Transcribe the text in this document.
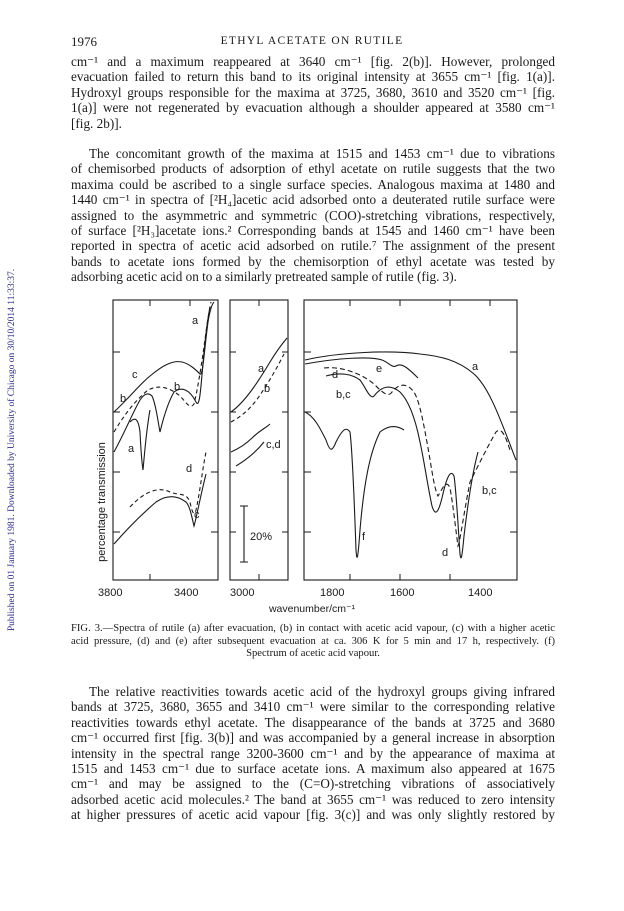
Published on 01 January 1981. Downloaded by University of Chicago on 30/10/2014 11:33:37.
1976	ETHYL ACETATE ON RUTILE
cm⁻¹ and a maximum reappeared at 3640 cm⁻¹ [fig. 2(b)]. However, prolonged
evacuation failed to return this band to its original intensity at 3655 cm⁻¹ [fig. 1(a)].
Hydroxyl groups responsible for the maxima at 3725, 3680, 3610 and 3520 cm⁻¹ [fig.
1(a)] were not regenerated by evacuation although a shoulder appeared at 3580 cm⁻¹
[fig. 2b)].
The concomitant growth of the maxima at 1515 and 1453 cm⁻¹ due to vibrations
of chemisorbed products of adsorption of ethyl acetate on rutile suggests that the two
maxima could be ascribed to a single surface species. Analogous maxima at 1480 and
1440 cm⁻¹ in spectra of [²H₄]acetic acid adsorbed onto a deuterated rutile surface were
assigned to the asymmetric and symmetric (COO)-stretching vibrations, respectively,
of surface [²H₃]acetate ions.² Corresponding bands at 1545 and 1460 cm⁻¹ have been
reported in spectra of acetic acid adsorbed on rutile.⁷ The assignment of the present
bands to acetate ions formed by the chemisorption of ethyl acetate was tested by
adsorbing acetic acid on to a similarly pretreated sample of rutile (fig. 3).
percentage transmission
a
c
b
b
a
d
c
a
b
c,d
20%
e	a
d
b,c
b,c
f
d
3800	3400	3000	1800	1600	1400
wavenumber/cm⁻¹
FIG. 3.—Spectra of rutile (a) after evacuation, (b) in contact with acetic acid vapour, (c) with a higher acetic
acid pressure, (d) and (e) after subsequent evacuation at ca. 306 K for 5 min and 17 h, respectively. (f)
Spectrum of acetic acid vapour.
The relative reactivities towards acetic acid of the hydroxyl groups giving infrared
bands at 3725, 3680, 3655 and 3410 cm⁻¹ were similar to the corresponding relative
reactivities towards ethyl acetate. The disappearance of the bands at 3725 and 3680
cm⁻¹ occurred first [fig. 3(b)] and was accompanied by a general increase in absorption
intensity in the spectral range 3200-3600 cm⁻¹ and by the appearance of maxima at
1515 and 1453 cm⁻¹ due to surface acetate ions. A maximum also appeared at 1675
cm⁻¹ and may be assigned to the (C=O)-stretching vibrations of associatively
adsorbed acetic acid molecules.² The band at 3655 cm⁻¹ was reduced to zero intensity
at higher pressures of acetic acid vapour [fig. 3(c)] and was only slightly restored by
